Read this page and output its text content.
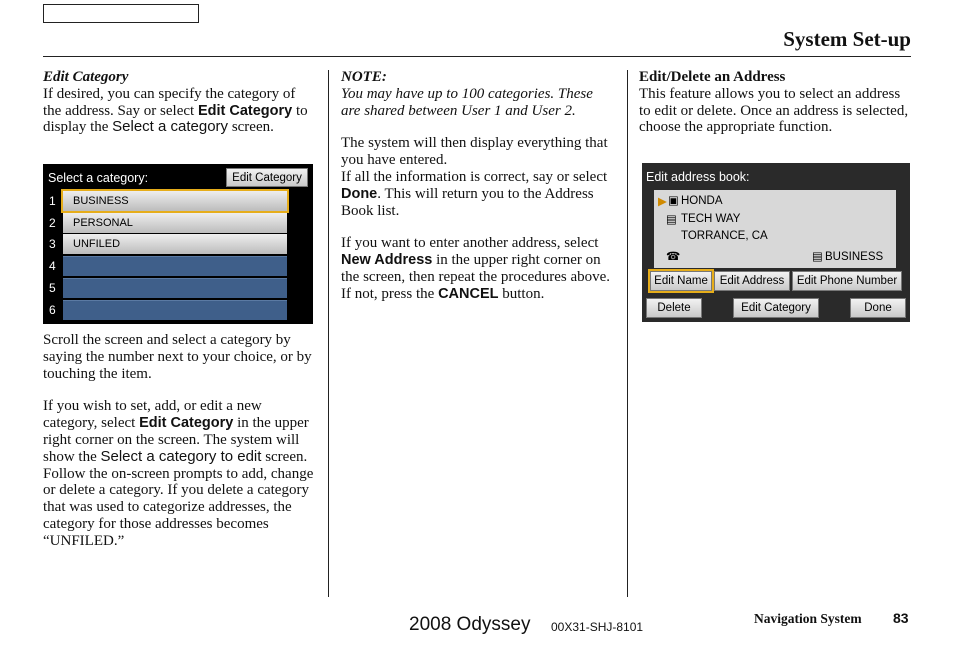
System Set-up
Edit Category

If desired, you can specify the category of the address. Say or select Edit Category to display the Select a category screen.

Select a category:	Edit Category
1	BUSINESS
2	PERSONAL
3	UNFILED
4
5
6

Scroll the screen and select a category by saying the number next to your choice, or by touching the item.

If you wish to set, add, or edit a new category, select Edit Category in the upper right corner on the screen. The system will show the Select a category to edit screen. Follow the on-screen prompts to add, change or delete a category. If you delete a category that was used to categorize addresses, the category for those addresses becomes “UNFILED.”

NOTE:

You may have up to 100 categories. These are shared between User 1 and User 2.

The system will then display everything that you have entered.
If all the information is correct, say or select Done. This will return you to the Address Book list.

If you want to enter another address, select New Address in the upper right corner on the screen, then repeat the procedures above. If not, press the CANCEL button.

Edit/Delete an Address

This feature allows you to select an address to edit or delete. Once an address is selected, choose the appropriate function.

Edit address book:
▶ ▣ HONDA
▤ TECH WAY
TORRANCE, CA
☎	▤ BUSINESS
Edit Name	Edit Address	Edit Phone Number
Delete	Edit Category	Done
2008 Odyssey 00X31-SHJ-8101
Navigation System 83
